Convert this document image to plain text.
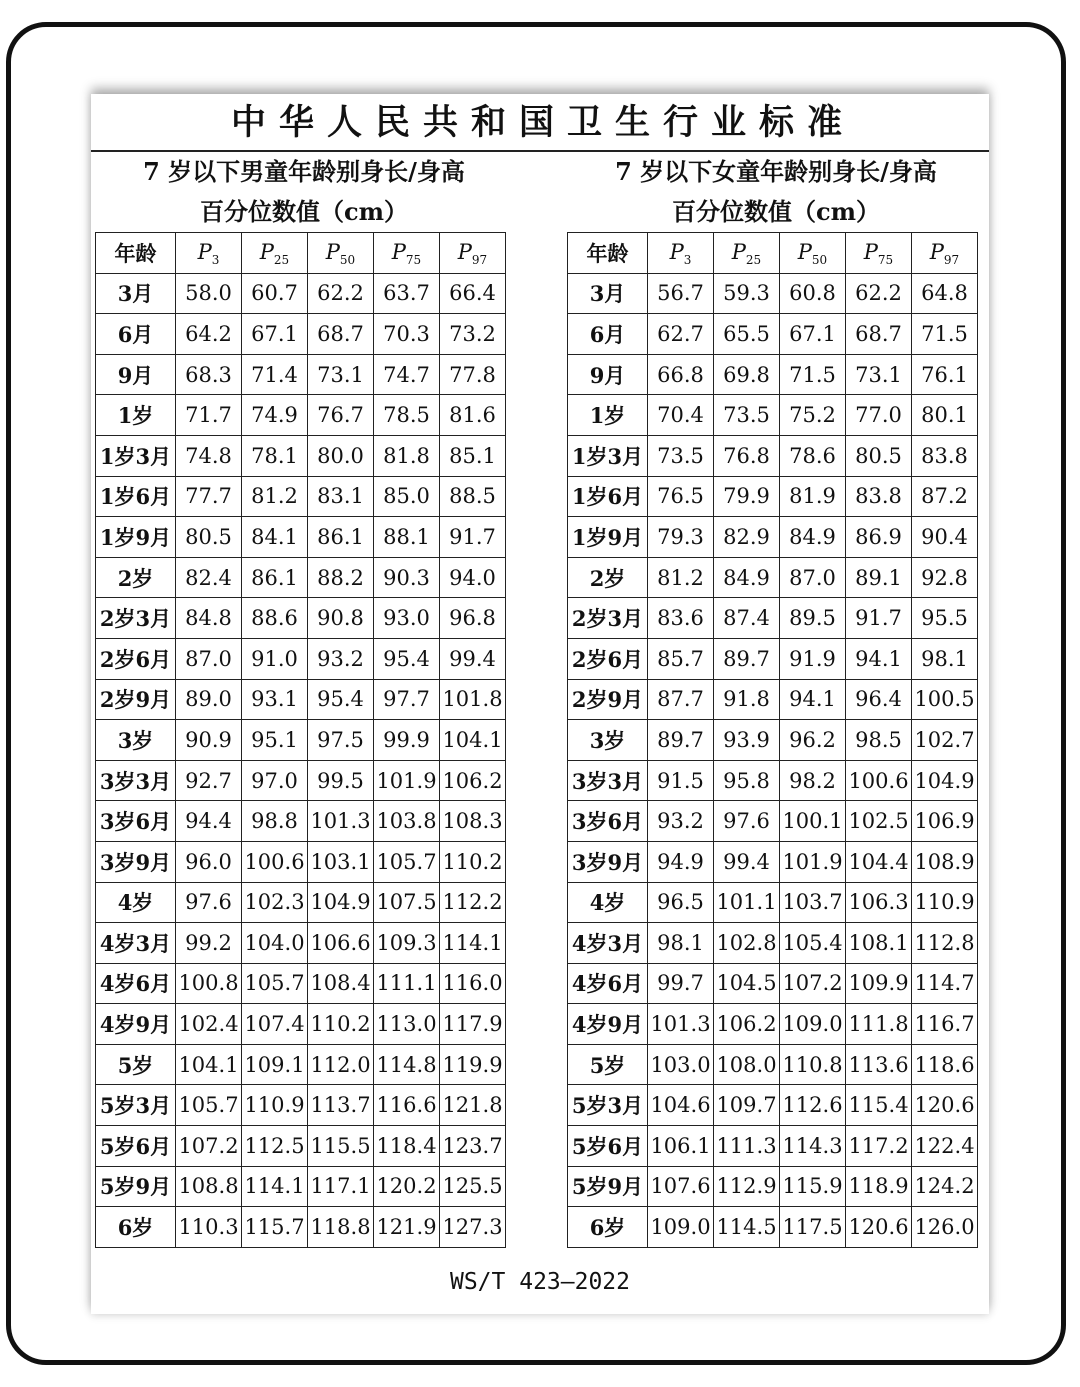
中华人民共和国卫生行业标准
7 岁以下男童年龄别身长/身高
百分位数值（cm）
年龄	$P_3$	$P_{25}$	$P_{50}$	$P_{75}$	$P_{97}$
3月	58.0	60.7	62.2	63.7	66.4
6月	64.2	67.1	68.7	70.3	73.2
9月	68.3	71.4	73.1	74.7	77.8
1岁	71.7	74.9	76.7	78.5	81.6
1岁3月	74.8	78.1	80.0	81.8	85.1
1岁6月	77.7	81.2	83.1	85.0	88.5
1岁9月	80.5	84.1	86.1	88.1	91.7
2岁	82.4	86.1	88.2	90.3	94.0
2岁3月	84.8	88.6	90.8	93.0	96.8
2岁6月	87.0	91.0	93.2	95.4	99.4
2岁9月	89.0	93.1	95.4	97.7	101.8
3岁	90.9	95.1	97.5	99.9	104.1
3岁3月	92.7	97.0	99.5	101.9	106.2
3岁6月	94.4	98.8	101.3	103.8	108.3
3岁9月	96.0	100.6	103.1	105.7	110.2
4岁	97.6	102.3	104.9	107.5	112.2
4岁3月	99.2	104.0	106.6	109.3	114.1
4岁6月	100.8	105.7	108.4	111.1	116.0
4岁9月	102.4	107.4	110.2	113.0	117.9
5岁	104.1	109.1	112.0	114.8	119.9
5岁3月	105.7	110.9	113.7	116.6	121.8
5岁6月	107.2	112.5	115.5	118.4	123.7
5岁9月	108.8	114.1	117.1	120.2	125.5
6岁	110.3	115.7	118.8	121.9	127.3
7 岁以下女童年龄别身长/身高
百分位数值（cm）
年龄	$P_3$	$P_{25}$	$P_{50}$	$P_{75}$	$P_{97}$
3月	56.7	59.3	60.8	62.2	64.8
6月	62.7	65.5	67.1	68.7	71.5
9月	66.8	69.8	71.5	73.1	76.1
1岁	70.4	73.5	75.2	77.0	80.1
1岁3月	73.5	76.8	78.6	80.5	83.8
1岁6月	76.5	79.9	81.9	83.8	87.2
1岁9月	79.3	82.9	84.9	86.9	90.4
2岁	81.2	84.9	87.0	89.1	92.8
2岁3月	83.6	87.4	89.5	91.7	95.5
2岁6月	85.7	89.7	91.9	94.1	98.1
2岁9月	87.7	91.8	94.1	96.4	100.5
3岁	89.7	93.9	96.2	98.5	102.7
3岁3月	91.5	95.8	98.2	100.6	104.9
3岁6月	93.2	97.6	100.1	102.5	106.9
3岁9月	94.9	99.4	101.9	104.4	108.9
4岁	96.5	101.1	103.7	106.3	110.9
4岁3月	98.1	102.8	105.4	108.1	112.8
4岁6月	99.7	104.5	107.2	109.9	114.7
4岁9月	101.3	106.2	109.0	111.8	116.7
5岁	103.0	108.0	110.8	113.6	118.6
5岁3月	104.6	109.7	112.6	115.4	120.6
5岁6月	106.1	111.3	114.3	117.2	122.4
5岁9月	107.6	112.9	115.9	118.9	124.2
6岁	109.0	114.5	117.5	120.6	126.0
WS/T 423—2022
